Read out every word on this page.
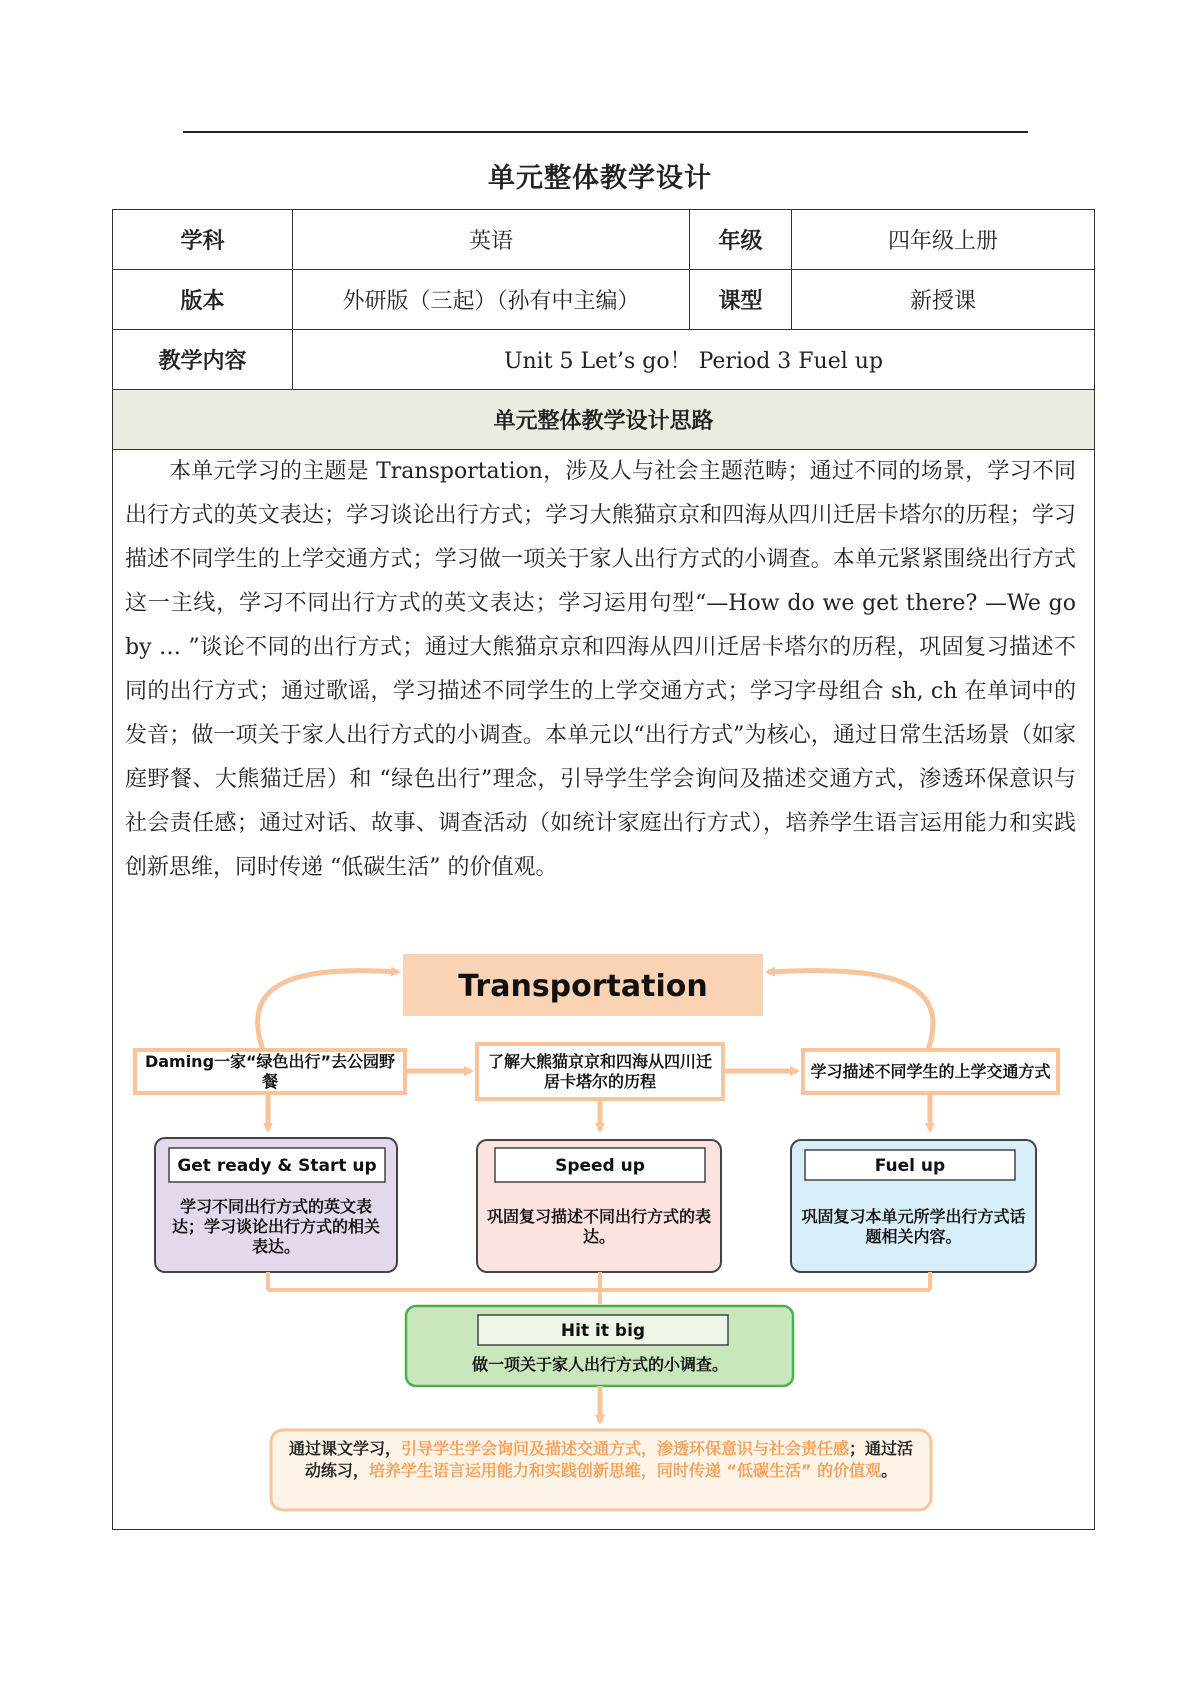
单元整体教学设计
学科	英语	年级	四年级上册
版本	外研版（三起）（孙有中主编）	课型	新授课
教学内容	Unit 5 Let’s go！ Period 3 Fuel up
单元整体教学设计思路

本单元学习的主题是 Transportation，涉及人与社会主题范畴；通过不同的场景，学习不同出行方式的英文表达；学习谈论出行方式；学习大熊猫京京和四海从四川迁居卡塔尔的历程；学习描述不同学生的上学交通方式；学习做一项关于家人出行方式的小调查。本单元紧紧围绕出行方式这一主线，学习不同出行方式的英文表达；学习运用句型“—How do we get there? —We go by … ”谈论不同的出行方式；通过大熊猫京京和四海从四川迁居卡塔尔的历程，巩固复习描述不同的出行方式；通过歌谣，学习描述不同学生的上学交通方式；学习字母组合 sh, ch 在单词中的发音；做一项关于家人出行方式的小调查。本单元以“出行方式”为核心，通过日常生活场景（如家庭野餐、大熊猫迁居）和 “绿色出行”理念，引导学生学会询问及描述交通方式，渗透环保意识与社会责任感；通过对话、故事、调查活动（如统计家庭出行方式），培养学生语言运用能力和实践创新思维，同时传递 “低碳生活” 的价值观。

Transportation
Get ready & Start up	Speed up	Fuel up
Hit it big
做一项关于家人出行方式的小调查。
Daming一家“绿色出行”去公园野餐
了解大熊猫京京和四海从四川迁居卡塔尔的历程
学习描述不同学生的上学交通方式
学习不同出行方式的英文表达；学习谈论出行方式的相关表达。
巩固复习描述不同出行方式的表达。
巩固复习本单元所学出行方式话题相关内容。
通过课文学习，引导学生学会询问及描述交通方式，渗透环保意识与社会责任感；通过活动练习，培养学生语言运用能力和实践创新思维，同时传递 “低碳生活” 的价值观。
